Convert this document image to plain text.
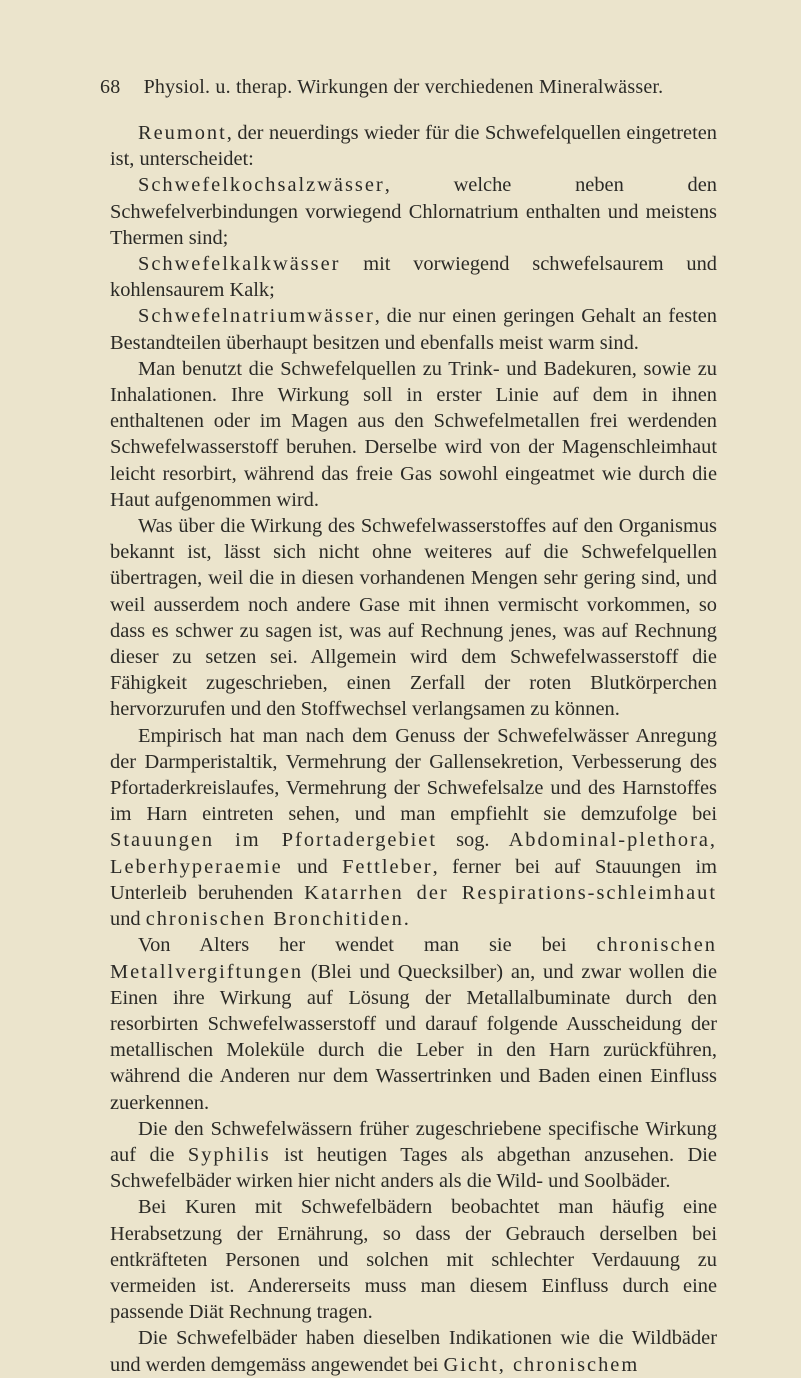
68 Physiol. u. therap. Wirkungen der verchiedenen Mineralwässer.

Reumont, der neuerdings wieder für die Schwefelquellen eingetreten ist, unterscheidet:

Schwefelkochsalzwässer, welche neben den Schwefelverbindungen vorwiegend Chlornatrium enthalten und meistens Thermen sind;

Schwefelkalkwässer mit vorwiegend schwefelsaurem und kohlensaurem Kalk;

Schwefelnatriumwässer, die nur einen geringen Gehalt an festen Bestandteilen überhaupt besitzen und ebenfalls meist warm sind.

Man benutzt die Schwefelquellen zu Trink- und Badekuren, sowie zu Inhalationen. Ihre Wirkung soll in erster Linie auf dem in ihnen enthaltenen oder im Magen aus den Schwefelmetallen frei werdenden Schwefelwasserstoff beruhen. Derselbe wird von der Magenschleimhaut leicht resorbirt, während das freie Gas sowohl eingeatmet wie durch die Haut aufgenommen wird.

Was über die Wirkung des Schwefelwasserstoffes auf den Organismus bekannt ist, lässt sich nicht ohne weiteres auf die Schwefelquellen übertragen, weil die in diesen vorhandenen Mengen sehr gering sind, und weil ausserdem noch andere Gase mit ihnen vermischt vorkommen, so dass es schwer zu sagen ist, was auf Rechnung jenes, was auf Rechnung dieser zu setzen sei. Allgemein wird dem Schwefelwasserstoff die Fähigkeit zugeschrieben, einen Zerfall der roten Blutkörperchen hervorzurufen und den Stoffwechsel verlangsamen zu können.

Empirisch hat man nach dem Genuss der Schwefelwässer Anregung der Darmperistaltik, Vermehrung der Gallensekretion, Verbesserung des Pfortaderkreislaufes, Vermehrung der Schwefelsalze und des Harnstoffes im Harn eintreten sehen, und man empfiehlt sie demzufolge bei Stauungen im Pfortadergebiet sog. Abdominal-plethora, Leberhyperaemie und Fettleber, ferner bei auf Stauungen im Unterleib beruhenden Katarrhen der Respirations-schleimhaut und chronischen Bronchitiden.

Von Alters her wendet man sie bei chronischen Metallvergiftungen (Blei und Quecksilber) an, und zwar wollen die Einen ihre Wirkung auf Lösung der Metallalbuminate durch den resorbirten Schwefelwasserstoff und darauf folgende Ausscheidung der metallischen Moleküle durch die Leber in den Harn zurückführen, während die Anderen nur dem Wassertrinken und Baden einen Einfluss zuerkennen.

Die den Schwefelwässern früher zugeschriebene specifische Wirkung auf die Syphilis ist heutigen Tages als abgethan anzusehen. Die Schwefelbäder wirken hier nicht anders als die Wild- und Soolbäder.

Bei Kuren mit Schwefelbädern beobachtet man häufig eine Herabsetzung der Ernährung, so dass der Gebrauch derselben bei entkräfteten Personen und solchen mit schlechter Verdauung zu vermeiden ist. Andererseits muss man diesem Einfluss durch eine passende Diät Rechnung tragen.

Die Schwefelbäder haben dieselben Indikationen wie die Wildbäder und werden demgemäss angewendet bei Gicht, chronischem
